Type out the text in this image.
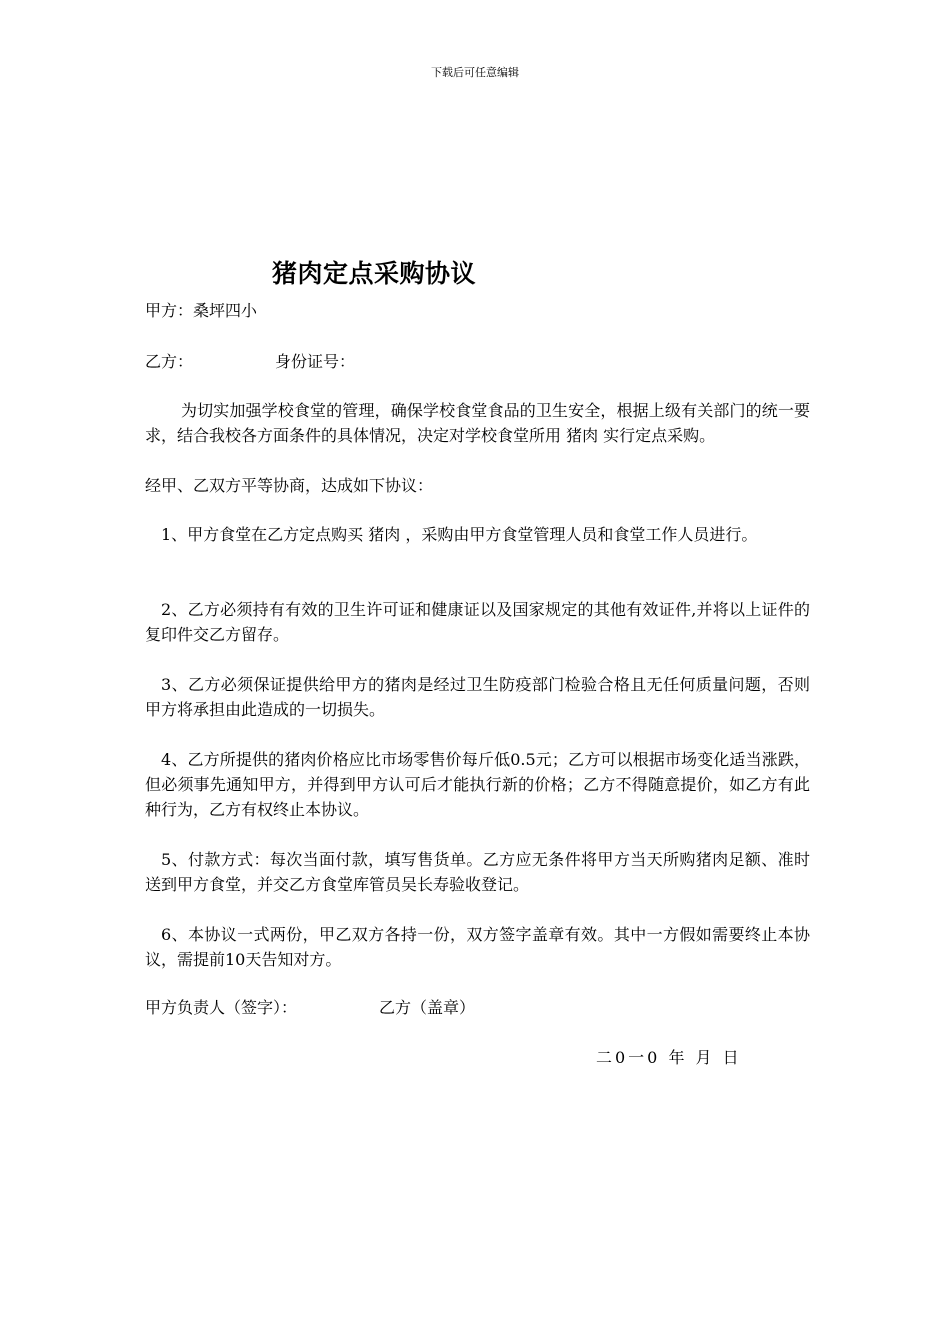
下载后可任意编辑
猪肉定点采购协议
甲方：桑坪四小
乙方：	身份证号：
为切实加强学校食堂的管理，确保学校食堂食品的卫生安全，根据上级有关部门的统一要求，结合我校各方面条件的具体情况，决定对学校食堂所用 猪肉 实行定点采购。
经甲、乙双方平等协商，达成如下协议：
1、甲方食堂在乙方定点购买 猪肉 ，采购由甲方食堂管理人员和食堂工作人员进行。
2、乙方必须持有有效的卫生许可证和健康证以及国家规定的其他有效证件,并将以上证件的复印件交乙方留存。
3、乙方必须保证提供给甲方的猪肉是经过卫生防疫部门检验合格且无任何质量问题，否则甲方将承担由此造成的一切损失。
4、乙方所提供的猪肉价格应比市场零售价每斤低0.5元；乙方可以根据市场变化适当涨跌，但必须事先通知甲方，并得到甲方认可后才能执行新的价格；乙方不得随意提价，如乙方有此种行为，乙方有权终止本协议。
5、付款方式：每次当面付款，填写售货单。乙方应无条件将甲方当天所购猪肉足额、准时送到甲方食堂，并交乙方食堂库管员吴长寿验收登记。
6、本协议一式两份，甲乙双方各持一份，双方签字盖章有效。其中一方假如需要终止本协议，需提前10天告知对方。
甲方负责人（签字）：	乙方（盖章）
二0一0 年 月 日
